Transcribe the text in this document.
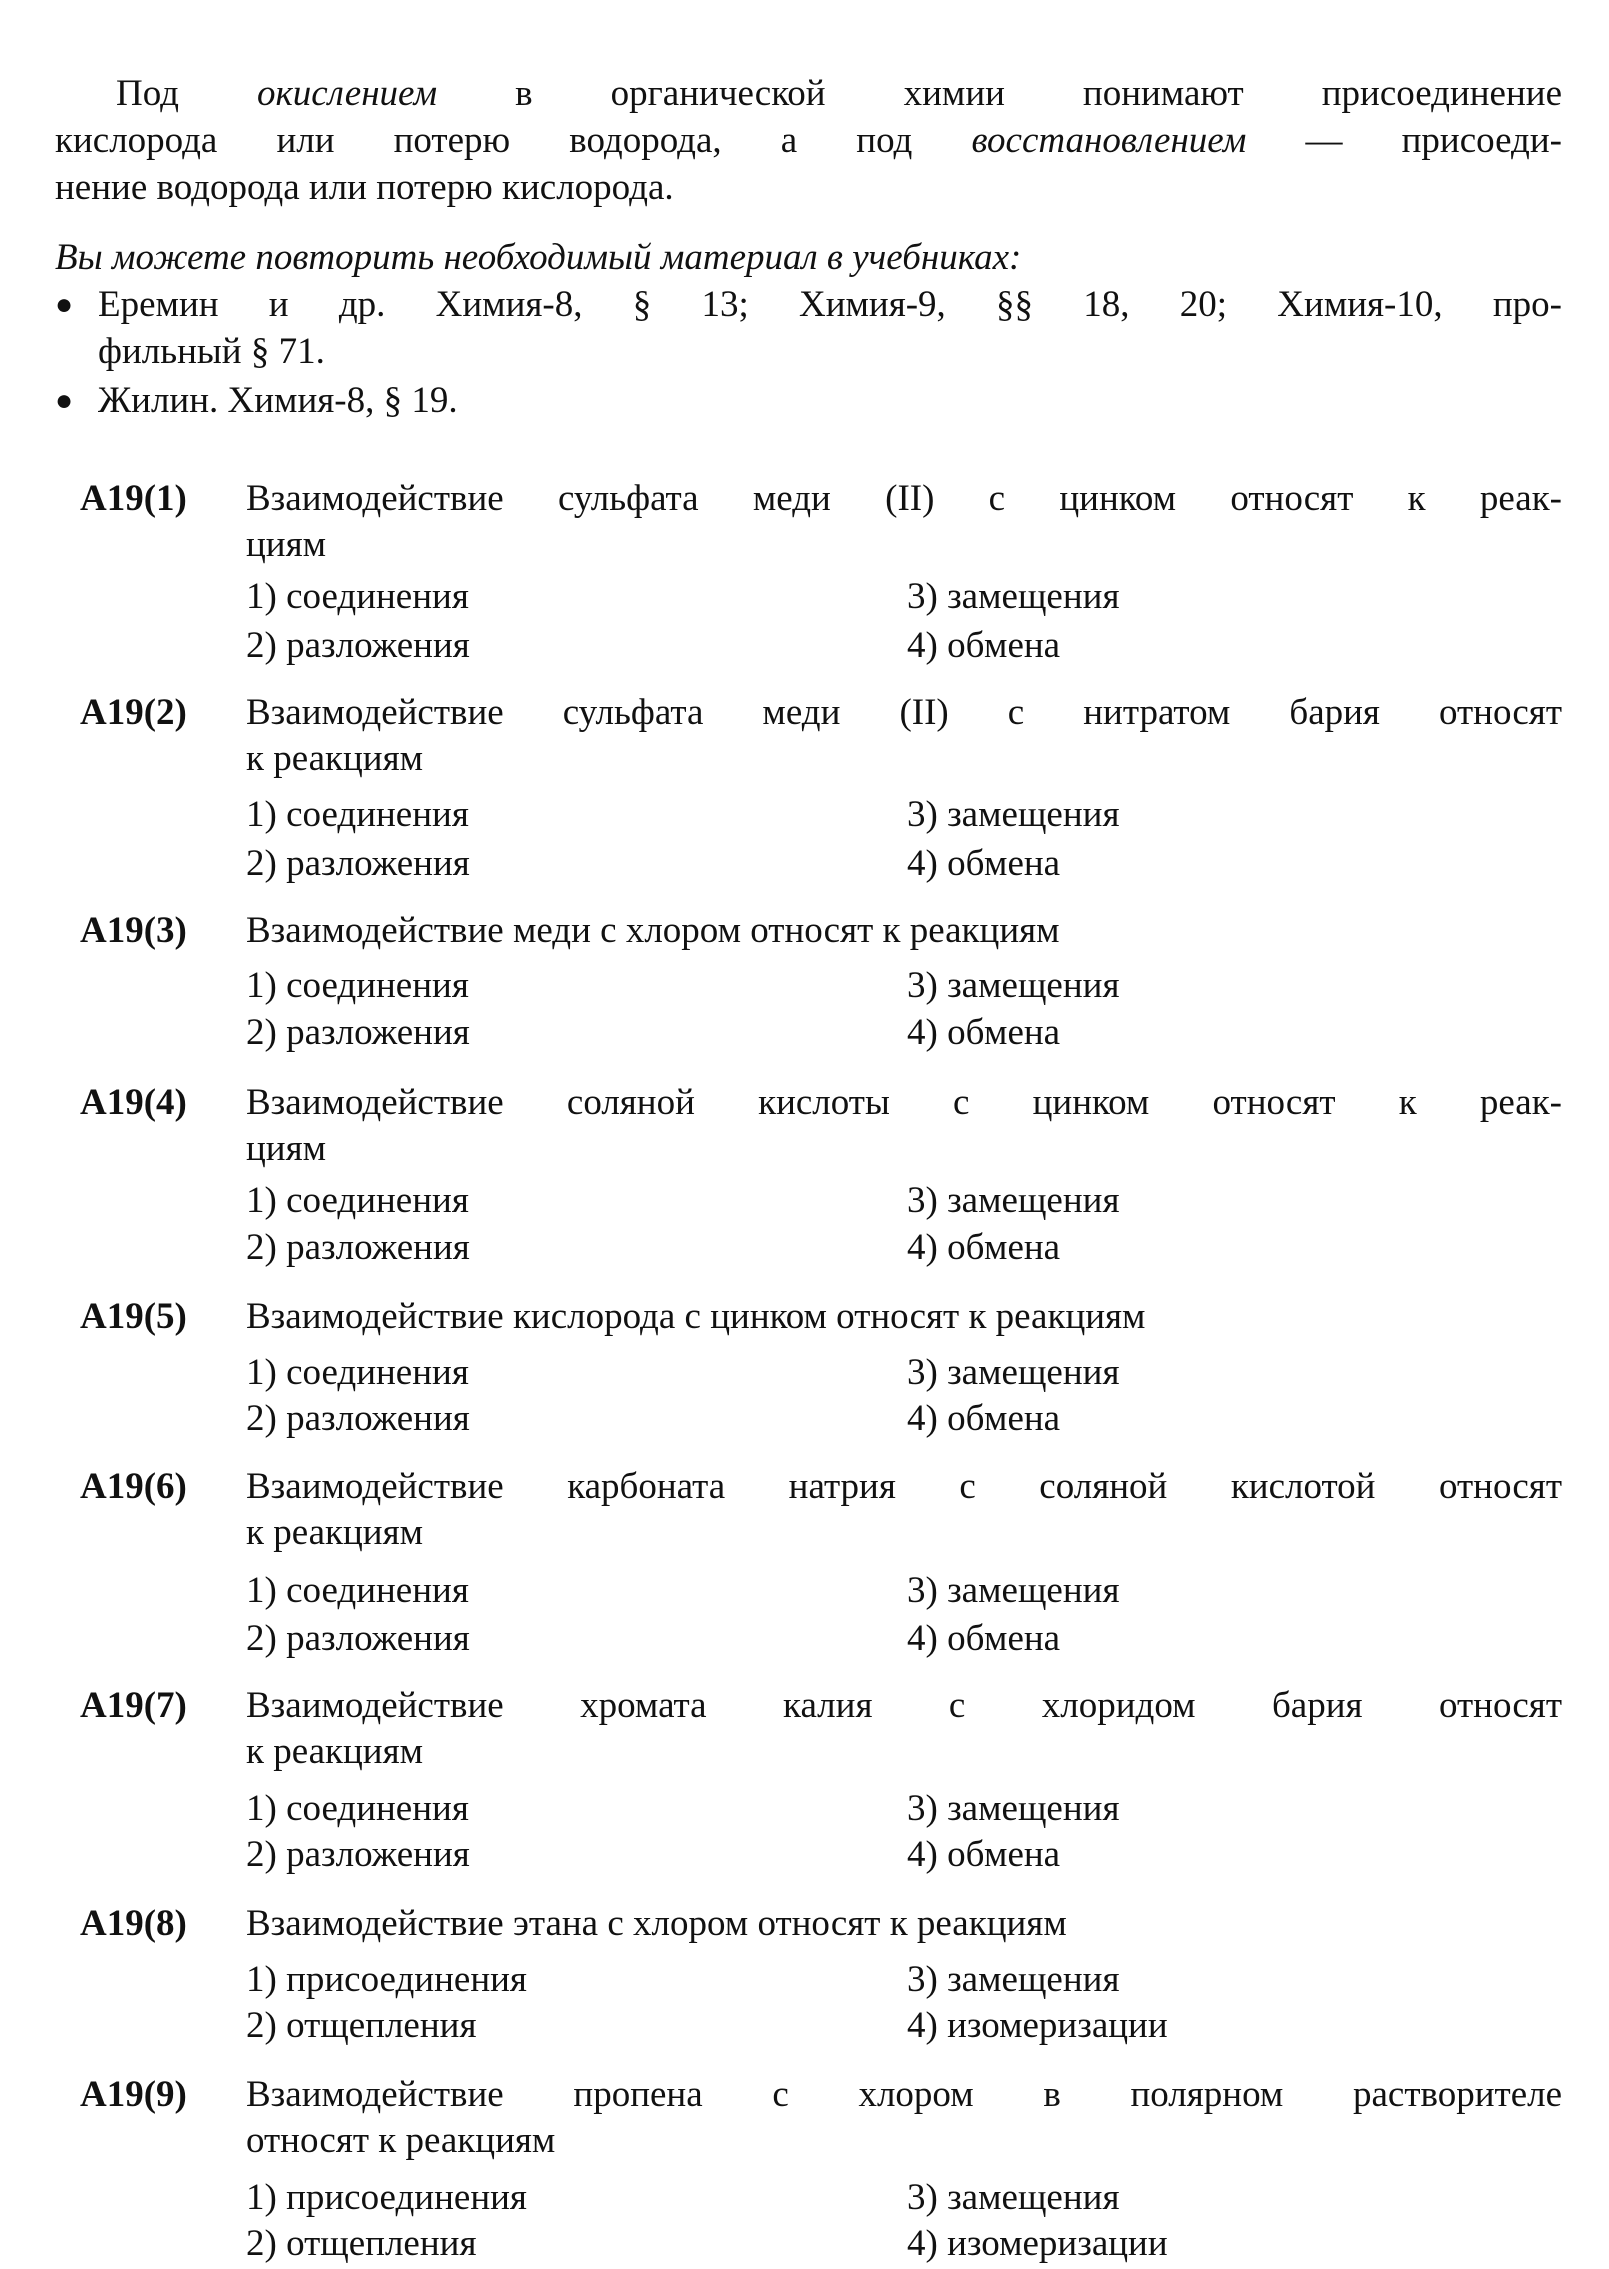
Под окислением в органической химии понимают присоединение
кислорода или потерю водорода, а под восстановлением — присоеди-
нение водорода или потерю кислорода.
Вы можете повторить необходимый материал в учебниках:
● Еремин и др. Химия-8, § 13; Химия-9, §§ 18, 20; Химия-10, про-
фильный § 71.
● Жилин. Химия-8, § 19.
А19(1) Взаимодействие сульфата меди (II) с цинком относят к реак-
циям
1) соединения
2) разложения
3) замещения
4) обмена
А19(2) Взаимодействие сульфата меди (II) с нитратом бария относят
к реакциям
1) соединения
2) разложения
3) замещения
4) обмена
А19(3) Взаимодействие меди с хлором относят к реакциям
1) соединения
2) разложения
3) замещения
4) обмена
А19(4) Взаимодействие соляной кислоты с цинком относят к реак-
циям
1) соединения
2) разложения
3) замещения
4) обмена
А19(5) Взаимодействие кислорода с цинком относят к реакциям
1) соединения
2) разложения
3) замещения
4) обмена
А19(6) Взаимодействие карбоната натрия с соляной кислотой относят
к реакциям
1) соединения
2) разложения
3) замещения
4) обмена
А19(7) Взаимодействие хромата калия с хлоридом бария относят
к реакциям
1) соединения
2) разложения
3) замещения
4) обмена
А19(8) Взаимодействие этана с хлором относят к реакциям
1) присоединения
2) отщепления
3) замещения
4) изомеризации
А19(9) Взаимодействие пропена с хлором в полярном растворителе
относят к реакциям
1) присоединения
2) отщепления
3) замещения
4) изомеризации
